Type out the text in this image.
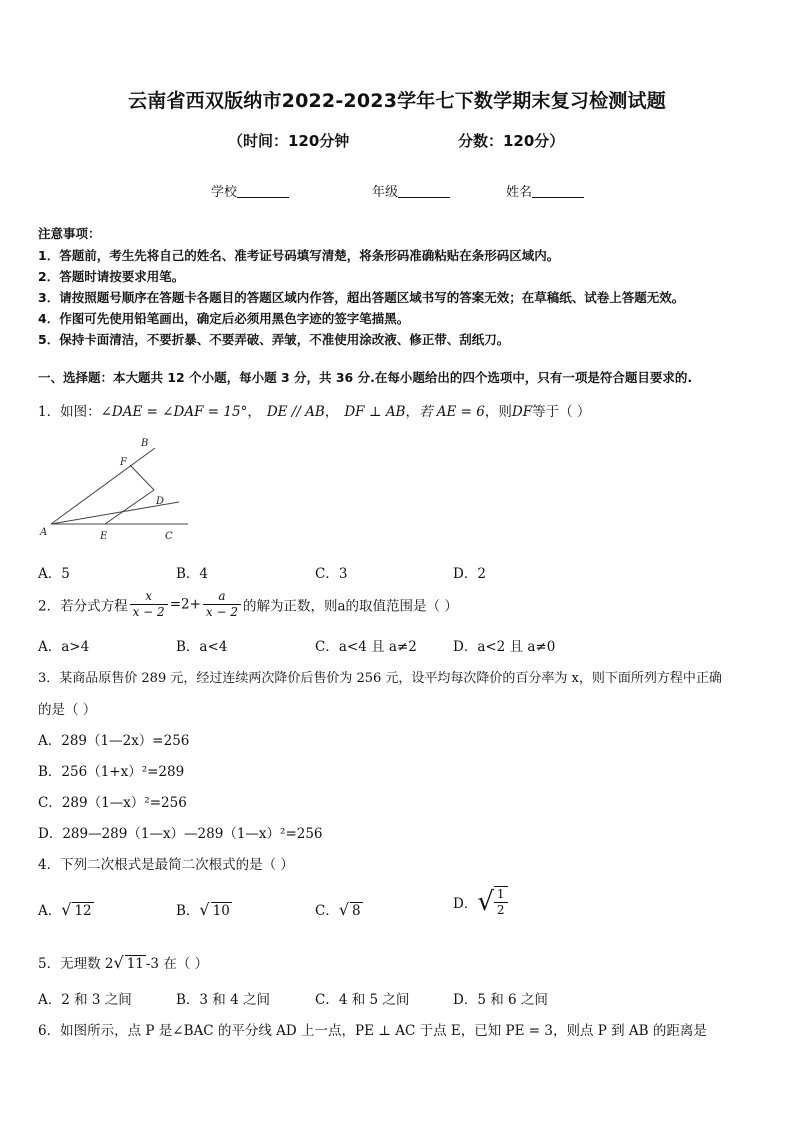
云南省西双版纳市2022-2023学年七下数学期末复习检测试题
（时间：120分钟	分数：120分）
学校	年级	姓名
注意事项：
1．答题前，考生先将自己的姓名、准考证号码填写清楚，将条形码准确粘贴在条形码区域内。
2．答题时请按要求用笔。
3．请按照题号顺序在答题卡各题目的答题区域内作答，超出答题区域书写的答案无效；在草稿纸、试卷上答题无效。
4．作图可先使用铅笔画出，确定后必须用黑色字迹的签字笔描黑。
5．保持卡面清洁，不要折暴、不要弄破、弄皱，不准使用涂改液、修正带、刮纸刀。
一、选择题：本大题共 12 个小题，每小题 3 分，共 36 分.在每小题给出的四个选项中，只有一项是符合题目要求的.
1．如图：∠DAE = ∠DAF = 15°， DE // AB， DF ⊥ AB，若 AE = 6，则DF等于（ ）
B
F
D
A	E	C
A．5	B．4	C．3	D．2
2．若分式方程 $\frac{x}{x - 2} =2+ \frac{a}{x - 2}$ 的解为正数，则a的取值范围是（ ）
A．a>4	B．a<4	C．a<4 且 a≠2	D．a<2 且 a≠0
3．某商品原售价 289 元，经过连续两次降价后售价为 256 元，设平均每次降价的百分率为 x，则下面所列方程中正确
的是（ ）
A．289（1—2x）=256
B．256（1+x）²=289
C．289（1—x）²=256
D．289—289（1—x）—289（1—x）²=256
4．下列二次根式是最简二次根式的是（ ）
A．√ 12	B．√ 10	C．√ 8	D．√ $\frac{1}{2}$
5．无理数 2√ 11 -3 在（ ）
A．2 和 3 之间	B．3 和 4 之间	C．4 和 5 之间	D．5 和 6 之间
6．如图所示，点 P 是∠BAC 的平分线 AD 上一点，PE ⊥ AC 于点 E，已知 PE = 3，则点 P 到 AB 的距离是
